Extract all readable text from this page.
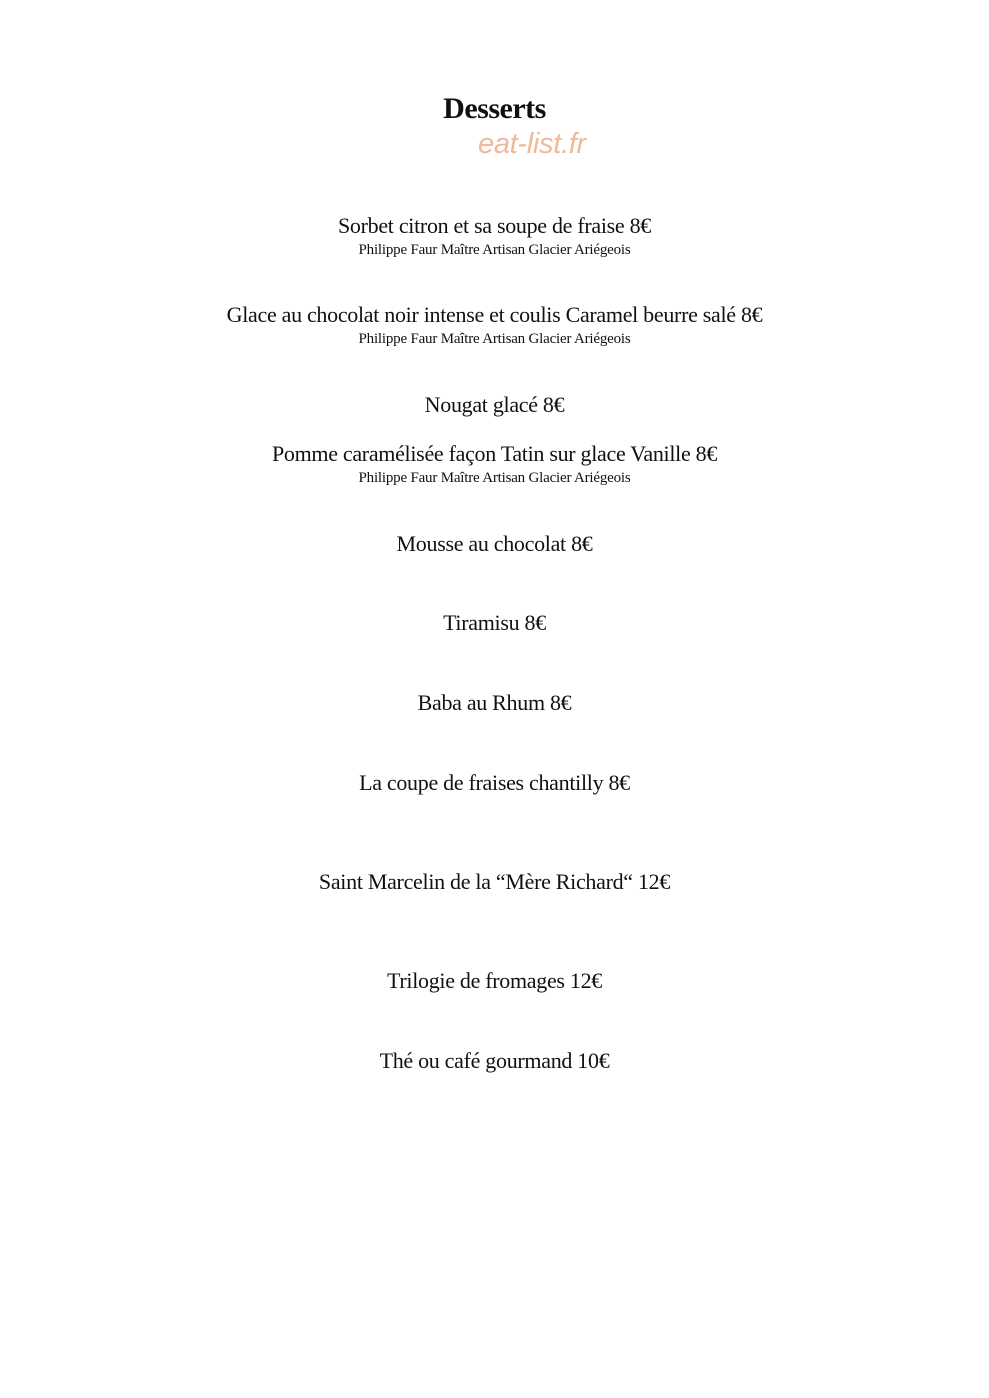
Desserts
eat-list.fr
Sorbet citron et sa soupe de fraise 8€
Philippe Faur Maître Artisan Glacier Ariégeois
Glace au chocolat noir intense et coulis Caramel beurre salé 8€
Philippe Faur Maître Artisan Glacier Ariégeois
Nougat glacé 8€
Pomme caramélisée façon Tatin sur glace Vanille 8€
Philippe Faur Maître Artisan Glacier Ariégeois
Mousse au chocolat 8€
Tiramisu 8€
Baba au Rhum 8€
La coupe de fraises chantilly 8€
Saint Marcelin de la “Mère Richard“ 12€
Trilogie de fromages 12€
Thé ou café gourmand 10€
